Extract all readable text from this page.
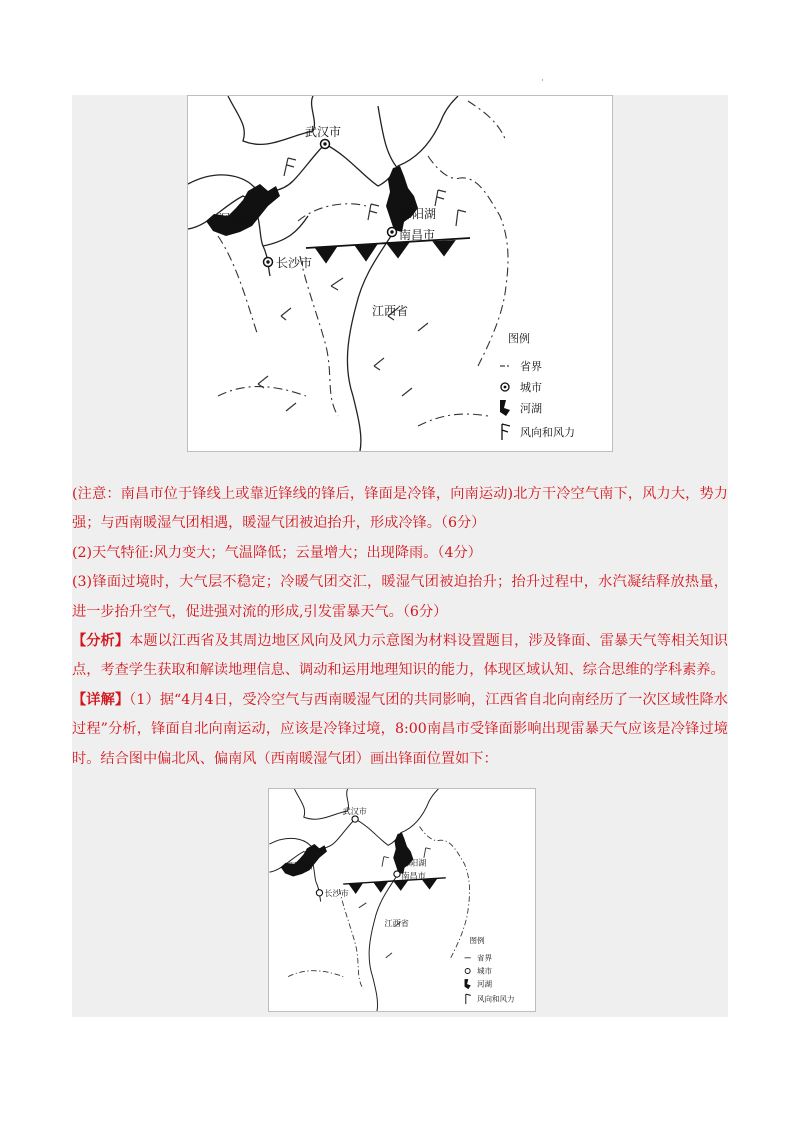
·
武汉市
洞庭湖	鄱阳湖
南昌市
长沙市
江西省
图例
省界
城市
河湖
风向和风力

(注意：南昌市位于锋线上或靠近锋线的锋后，锋面是冷锋，向南运动)北方干冷空气南下，风力大，势力强；与西南暖湿气团相遇，暖湿气团被迫抬升，形成冷锋。（6分）

(2)天气特征:风力变大；气温降低；云量增大；出现降雨。（4分）

(3)锋面过境时，大气层不稳定；冷暖气团交汇，暖湿气团被迫抬升；抬升过程中，水汽凝结释放热量，进一步抬升空气，促进强对流的形成,引发雷暴天气。（6分）

【分析】本题以江西省及其周边地区风向及风力示意图为材料设置题目，涉及锋面、雷暴天气等相关知识点，考查学生获取和解读地理信息、调动和运用地理知识的能力，体现区域认知、综合思维的学科素养。

【详解】（1）据“4月4日，受冷空气与西南暖湿气团的共同影响，江西省自北向南经历了一次区域性降水过程”分析，锋面自北向南运动，应该是冷锋过境，8:00南昌市受锋面影响出现雷暴天气应该是冷锋过境时。结合图中偏北风、偏南风（西南暖湿气团）画出锋面位置如下：

武汉市
洞庭湖	鄱阳湖
南昌市
长沙市
江西省
图例
省界
城市
河湖
风向和风力
